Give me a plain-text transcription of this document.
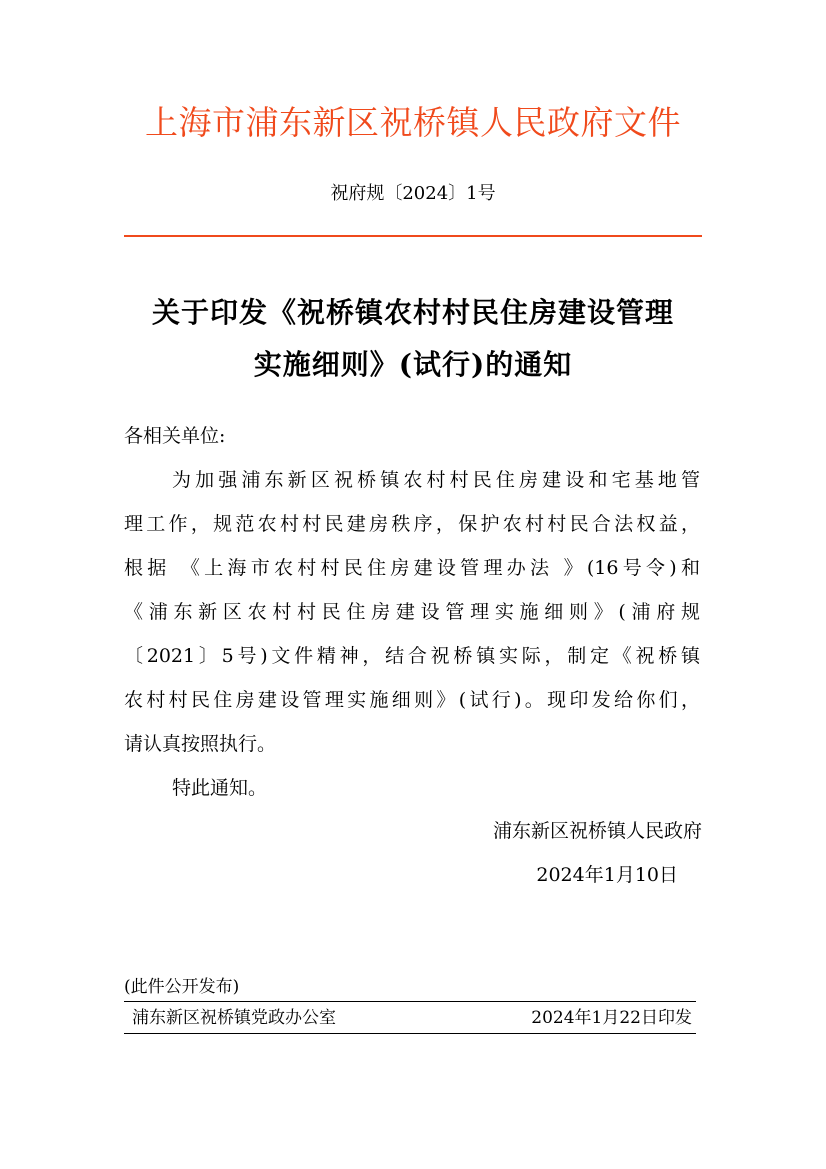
上海市浦东新区祝桥镇人民政府文件
祝府规〔2024〕1号
关于印发《祝桥镇农村村民住房建设管理
实施细则》(试行)的通知
各相关单位:
为加强浦东新区祝桥镇农村村民住房建设和宅基地管
理工作，规范农村村民建房秩序，保护农村村民合法权益，
根据 《上海市农村村民住房建设管理办法 》(16号令)和
《浦东新区农村村民住房建设管理实施细则》(浦府规
〔2021〕5号)文件精神，结合祝桥镇实际，制定《祝桥镇
农村村民住房建设管理实施细则》(试行)。现印发给你们，
请认真按照执行。
特此通知。
浦东新区祝桥镇人民政府
2024年1月10日
(此件公开发布)
浦东新区祝桥镇党政办公室	2024年1月22日印发
